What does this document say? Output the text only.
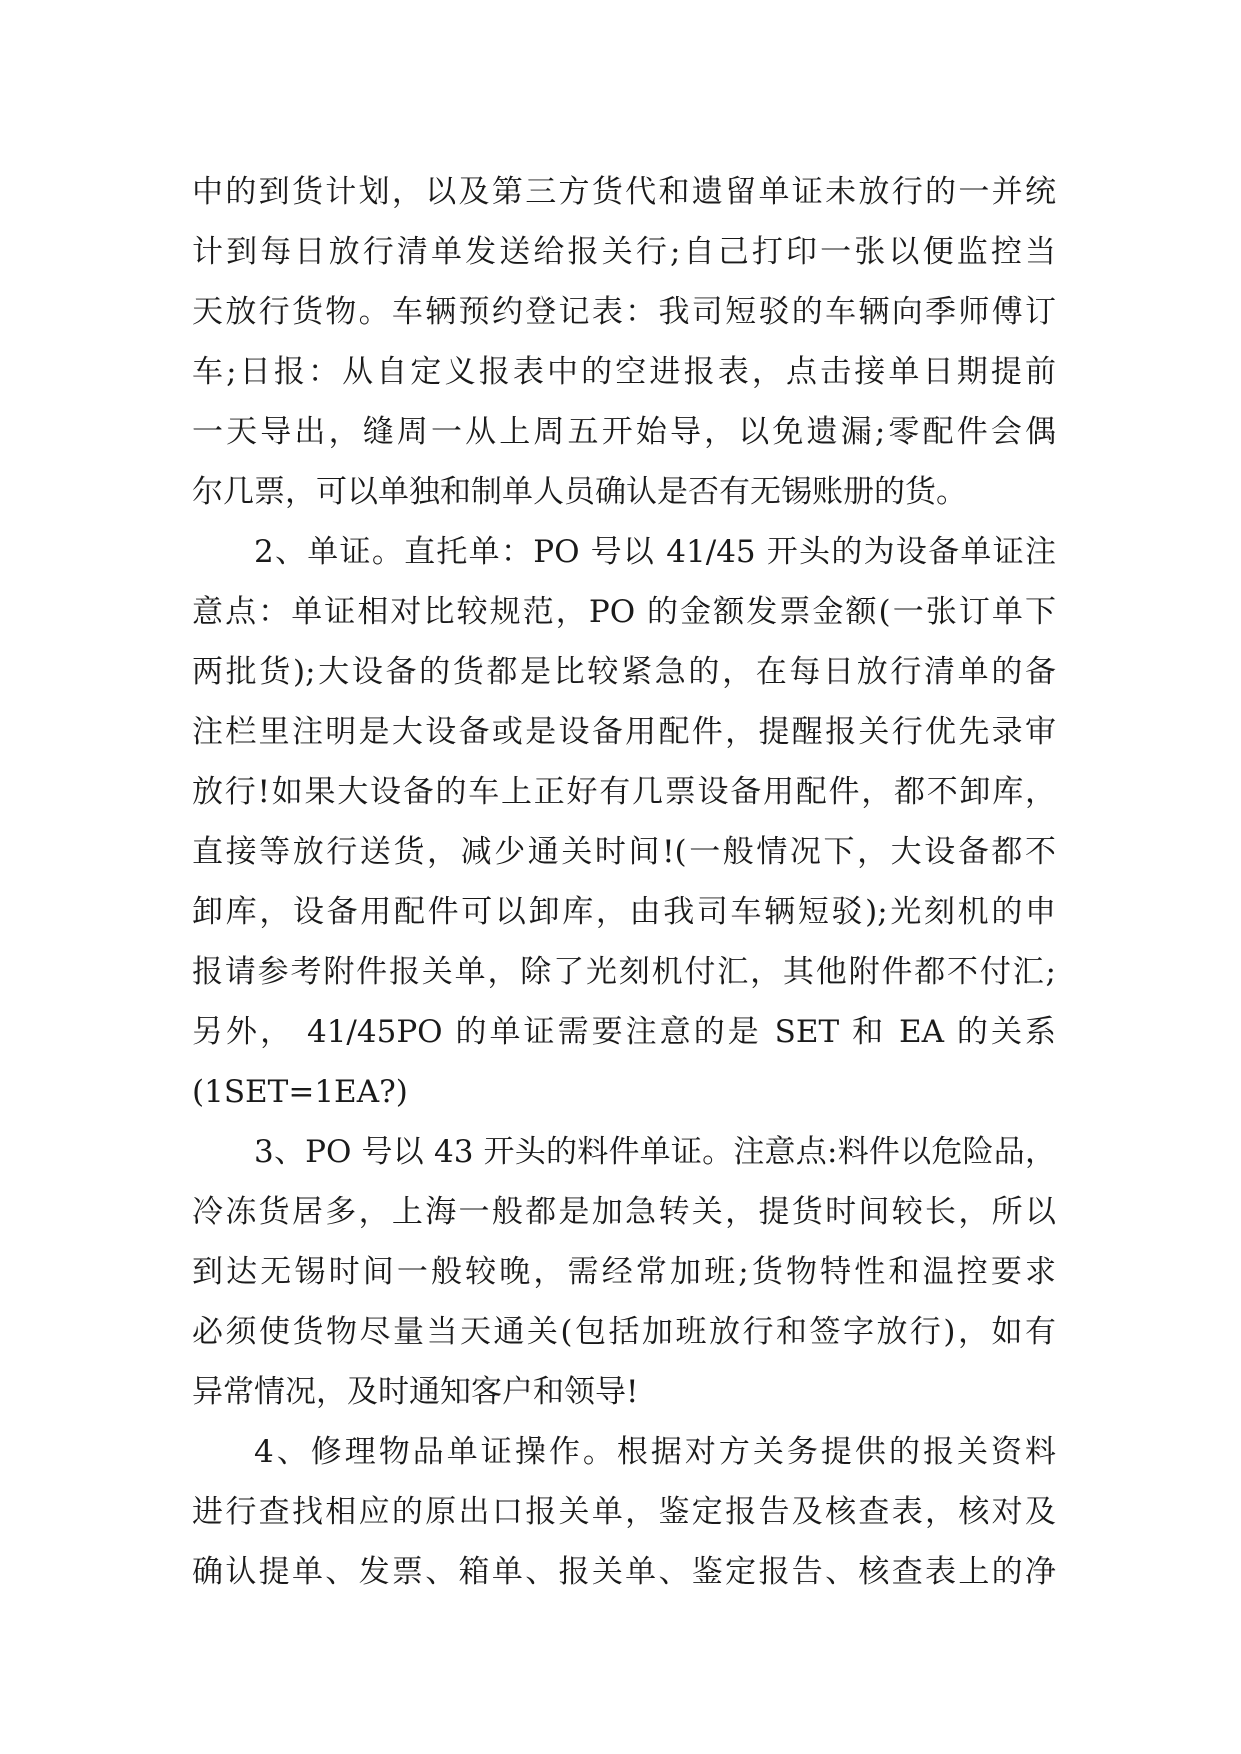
中的到货计划，以及第三方货代和遗留单证未放行的一并统
计到每日放行清单发送给报关行;自己打印一张以便监控当
天放行货物。车辆预约登记表：我司短驳的车辆向季师傅订
车;日报：从自定义报表中的空进报表，点击接单日期提前
一天导出，缝周一从上周五开始导，以免遗漏;零配件会偶
尔几票，可以单独和制单人员确认是否有无锡账册的货。
2、单证。直托单：PO 号以 41/45 开头的为设备单证注
意点：单证相对比较规范，PO 的金额发票金额(一张订单下
两批货);大设备的货都是比较紧急的，在每日放行清单的备
注栏里注明是大设备或是设备用配件，提醒报关行优先录审
放行!如果大设备的车上正好有几票设备用配件，都不卸库，
直接等放行送货，减少通关时间!(一般情况下，大设备都不
卸库，设备用配件可以卸库，由我司车辆短驳);光刻机的申
报请参考附件报关单，除了光刻机付汇，其他附件都不付汇;
另外， 41/45PO 的单证需要注意的是 SET 和 EA 的关系
(1SET=1EA?)
3、PO 号以 43 开头的料件单证。注意点:料件以危险品，
冷冻货居多，上海一般都是加急转关，提货时间较长，所以
到达无锡时间一般较晚，需经常加班;货物特性和温控要求
必须使货物尽量当天通关(包括加班放行和签字放行)，如有
异常情况，及时通知客户和领导!
4、修理物品单证操作。根据对方关务提供的报关资料
进行查找相应的原出口报关单，鉴定报告及核查表，核对及
确认提单、发票、箱单、报关单、鉴定报告、核查表上的净
